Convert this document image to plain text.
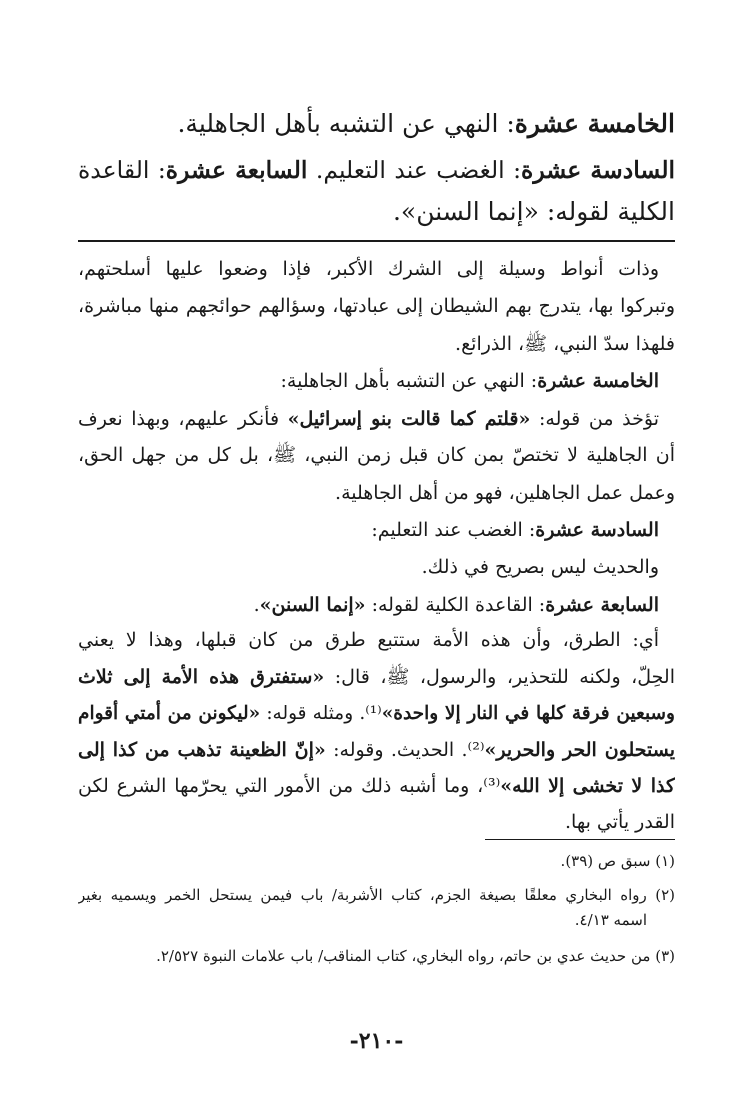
الخامسة عشرة: النهي عن التشبه بأهل الجاهلية.

السادسة عشرة: الغضب عند التعليم. السابعة عشرة: القاعدة

الكلية لقوله: «إنما السنن».

وذات أنواط وسيلة إلى الشرك الأكبر، فإذا وضعوا عليها أسلحتهم،

وتبركوا بها، يتدرج بهم الشيطان إلى عبادتها، وسؤالهم حوائجهم منها مباشرة،

فلهذا سدّ النبي، ﷺ، الذرائع.

الخامسة عشرة: النهي عن التشبه بأهل الجاهلية:

تؤخذ من قوله: «قلتم كما قالت بنو إسرائيل» فأنكر عليهم، وبهذا نعرف

أن الجاهلية لا تختصّ بمن كان قبل زمن النبي، ﷺ، بل كل من جهل الحق،

وعمل عمل الجاهلين، فهو من أهل الجاهلية.

السادسة عشرة: الغضب عند التعليم:

والحديث ليس بصريح في ذلك.

السابعة عشرة: القاعدة الكلية لقوله: «إنما السنن».

أي: الطرق، وأن هذه الأمة ستتبع طرق من كان قبلها، وهذا لا يعني

الحِلّ، ولكنه للتحذير، والرسول، ﷺ، قال: «ستفترق هذه الأمة إلى ثلاث

وسبعين فرقة كلها في النار إلا واحدة»⁽¹⁾. ومثله قوله: «ليكونن من أمتي أقوام

يستحلون الحر والحرير»⁽²⁾. الحديث. وقوله: «إنّ الظعينة تذهب من كذا إلى

كذا لا تخشى إلا الله»⁽³⁾، وما أشبه ذلك من الأمور التي يحرّمها الشرع لكن

القدر يأتي بها.

(١) سبق ص (٣٩).

(٢) رواه البخاري معلقًا بصيغة الجزم، كتاب الأشربة/ باب فيمن يستحل الخمر ويسميه بغير

اسمه ٤/١٣.

(٣) من حديث عدي بن حاتم، رواه البخاري، كتاب المناقب/ باب علامات النبوة ٢/٥٢٧.

-٢١٠-
